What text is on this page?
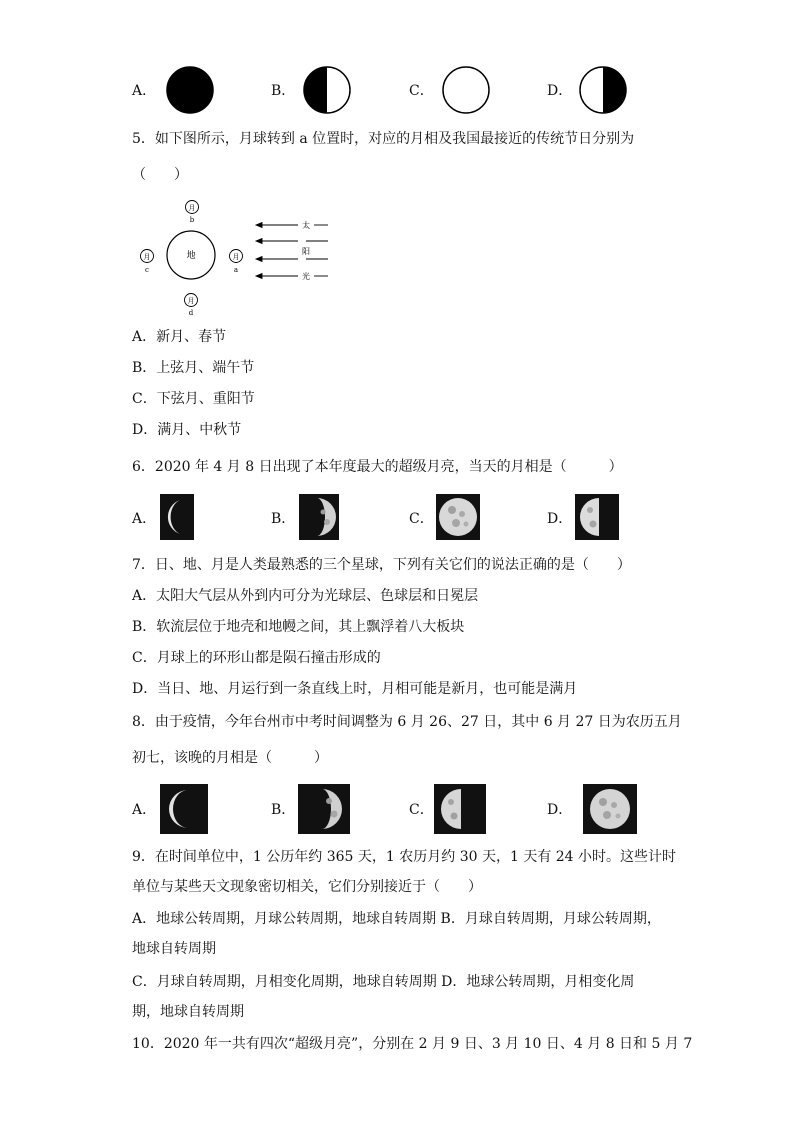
A．	B．	C．	D．
5．如下图所示，月球转到 a 位置时，对应的月相及我国最接近的传统节日分别为
（　　）
地
月
b
月
c
月
a
月
d
太
阳
光
A．新月、春节
B．上弦月、端午节
C．下弦月、重阳节
D．满月、中秋节
6．2020 年 4 月 8 日出现了本年度最大的超级月亮，当天的月相是（　　　）
A．	B．	C．	D．
7．日、地、月是人类最熟悉的三个星球，下列有关它们的说法正确的是（　　）
A．太阳大气层从外到内可分为光球层、色球层和日冕层
B．软流层位于地壳和地幔之间，其上飘浮着八大板块
C．月球上的环形山都是陨石撞击形成的
D．当日、地、月运行到一条直线上时，月相可能是新月，也可能是满月
8．由于疫情，今年台州市中考时间调整为 6 月 26、27 日，其中 6 月 27 日为农历五月
初七，该晚的月相是（　　　）
A．	B．	C．	D．
9．在时间单位中，1 公历年约 365 天，1 农历月约 30 天，1 天有 24 小时。这些计时
单位与某些天文现象密切相关，它们分别接近于（　　）
A．地球公转周期，月球公转周期，地球自转周期 B．月球自转周期，月球公转周期，
地球自转周期
C．月球自转周期，月相变化周期，地球自转周期 D．地球公转周期，月相变化周
期，地球自转周期
10．2020 年一共有四次“超级月亮”，分别在 2 月 9 日、3 月 10 日、4 月 8 日和 5 月 7
